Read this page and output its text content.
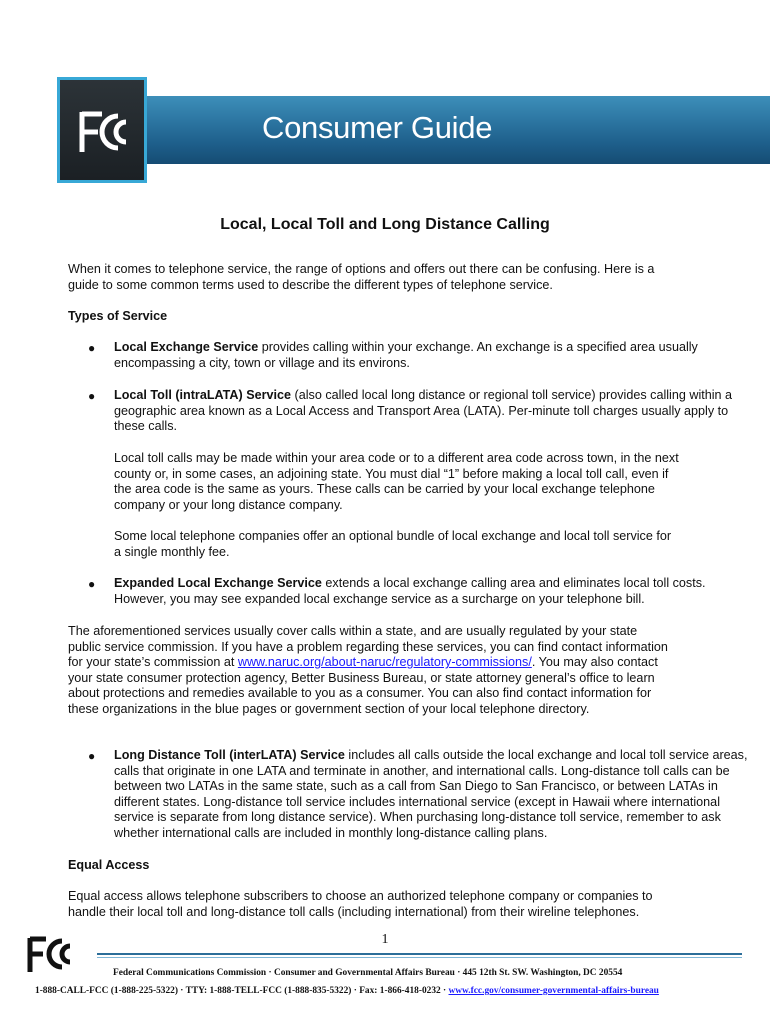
Consumer Guide
Local, Local Toll and Long Distance Calling

When it comes to telephone service, the range of options and offers out there can be confusing. Here is a guide to some common terms used to describe the different types of telephone service.

Types of Service

● Local Exchange Service provides calling within your exchange. An exchange is a specified area usually encompassing a city, town or village and its environs.

● Local Toll (intraLATA) Service (also called local long distance or regional toll service) provides calling within a geographic area known as a Local Access and Transport Area (LATA). Per-minute toll charges usually apply to these calls.

Local toll calls may be made within your area code or to a different area code across town, in the next county or, in some cases, an adjoining state. You must dial “1” before making a local toll call, even if the area code is the same as yours. These calls can be carried by your local exchange telephone company or your long distance company.

Some local telephone companies offer an optional bundle of local exchange and local toll service for a single monthly fee.

● Expanded Local Exchange Service extends a local exchange calling area and eliminates local toll costs. However, you may see expanded local exchange service as a surcharge on your telephone bill.

The aforementioned services usually cover calls within a state, and are usually regulated by your state public service commission. If you have a problem regarding these services, you can find contact information for your state’s commission at www.naruc.org/about-naruc/regulatory-commissions/. You may also contact your state consumer protection agency, Better Business Bureau, or state attorney general’s office to learn about protections and remedies available to you as a consumer. You can also find contact information for these organizations in the blue pages or government section of your local telephone directory.

● Long Distance Toll (interLATA) Service includes all calls outside the local exchange and local toll service areas, calls that originate in one LATA and terminate in another, and international calls. Long-distance toll calls can be between two LATAs in the same state, such as a call from San Diego to San Francisco, or between LATAs in different states. Long-distance toll service includes international service (except in Hawaii where international service is separate from long distance service). When purchasing long-distance toll service, remember to ask whether international calls are included in monthly long-distance calling plans.

Equal Access

Equal access allows telephone subscribers to choose an authorized telephone company or companies to handle their local toll and long-distance toll calls (including international) from their wireline telephones.

1
Federal Communications Commission · Consumer and Governmental Affairs Bureau · 445 12th St. SW. Washington, DC 20554
1-888-CALL-FCC (1-888-225-5322) · TTY: 1-888-TELL-FCC (1-888-835-5322) · Fax: 1-866-418-0232 · www.fcc.gov/consumer-governmental-affairs-bureau
